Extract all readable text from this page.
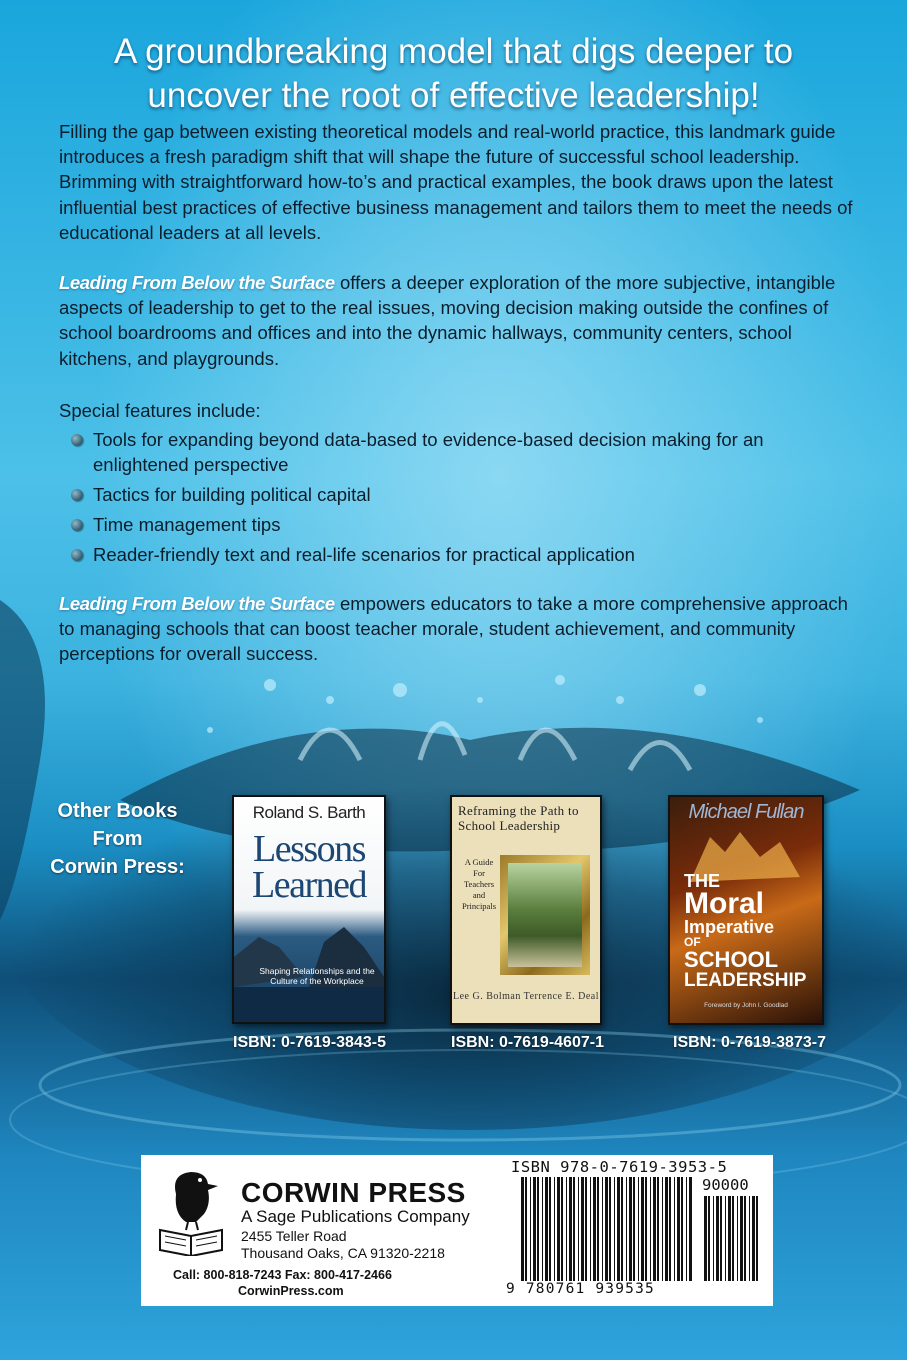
A groundbreaking model that digs deeper to uncover the root of effective leadership!
Filling the gap between existing theoretical models and real-world practice, this landmark guide introduces a fresh paradigm shift that will shape the future of successful school leadership. Brimming with straightforward how-to’s and practical examples, the book draws upon the latest influential best practices of effective business management and tailors them to meet the needs of educational leaders at all levels.
Leading From Below the Surface offers a deeper exploration of the more subjective, intangible aspects of leadership to get to the real issues, moving decision making outside the confines of school boardrooms and offices and into the dynamic hallways, community centers, school kitchens, and playgrounds.
Special features include:
Tools for expanding beyond data-based to evidence-based decision making for an enlightened perspective
Tactics for building political capital
Time management tips
Reader-friendly text and real-life scenarios for practical application
Leading From Below the Surface empowers educators to take a more comprehensive approach to managing schools that can boost teacher morale, student achievement, and community perceptions for overall success.
Other Books
From
Corwin Press:
Roland S. Barth
Lessons
Learned
Shaping Relationships and the Culture of the Workplace
ISBN: 0-7619-3843-5
Reframing the Path to School Leadership
A Guide For Teachers and Principals
Lee G. Bolman Terrence E. Deal
ISBN: 0-7619-4607-1
Michael Fullan
THE
Moral
Imperative
OF
SCHOOL
LEADERSHIP
Foreword by John I. Goodlad
ISBN: 0-7619-3873-7
CORWIN PRESS
A Sage Publications Company
2455 Teller Road
Thousand Oaks, CA 91320-2218
Call: 800-818-7243 Fax: 800-417-2466
CorwinPress.com
ISBN 978-0-7619-3953-5
90000
9 780761 939535
